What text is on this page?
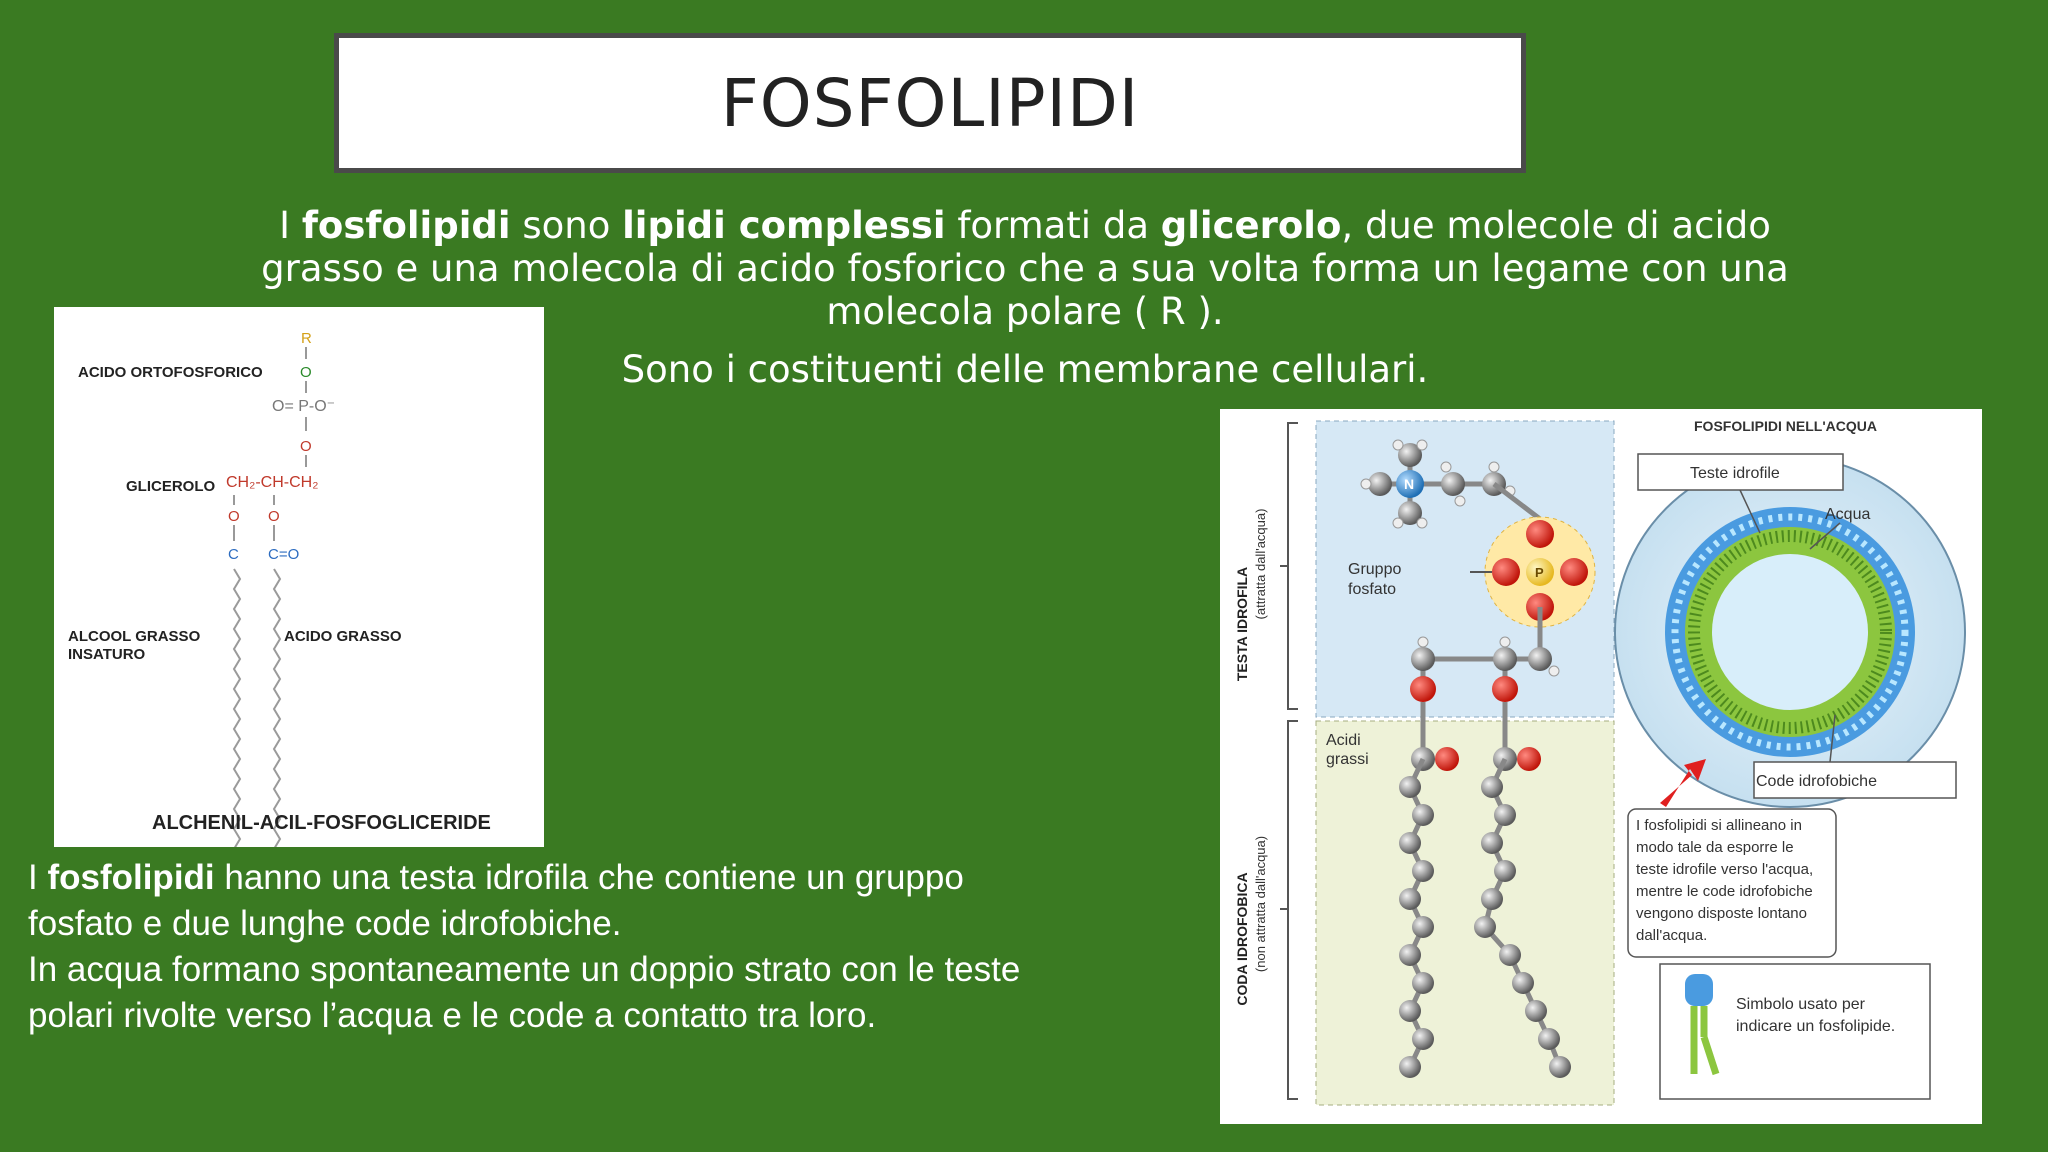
FOSFOLIPIDI

I fosfolipidi sono lipidi complessi formati da glicerolo, due molecole di acido grasso e una molecola di acido fosforico che a sua volta forma un legame con una molecola polare ( R ).

Sono i costituenti delle membrane cellulari.

R
ACIDO ORTOFOSFORICO O
O= P-O⁻
O
GLICEROLO CH₂-CH-CH₂
O O
C C=O
ALCOOL GRASSO
INSATURO
ACIDO GRASSO
ALCHENIL-ACIL-FOSFOGLICERIDE
TESTA IDROFILA
(attratta dall'acqua)
CODA IDROFOBICA (non attratta dall'acqua)
N
P
Gruppo
fosfato
Acidi
grassi
FOSFOLIPIDI NELL'ACQUA
Teste idrofile
Acqua
Code idrofobiche
I fosfolipidi si allineano in
modo tale da esporre le
teste idrofile verso l'acqua,
mentre le code idrofobiche
vengono disposte lontano
dall'acqua.
Simbolo usato per
indicare un fosfolipide.
I fosfolipidi hanno una testa idrofila che contiene un gruppo fosfato e due lunghe code idrofobiche.
In acqua formano spontaneamente un doppio strato con le teste polari rivolte verso l’acqua e le code a contatto tra loro.
